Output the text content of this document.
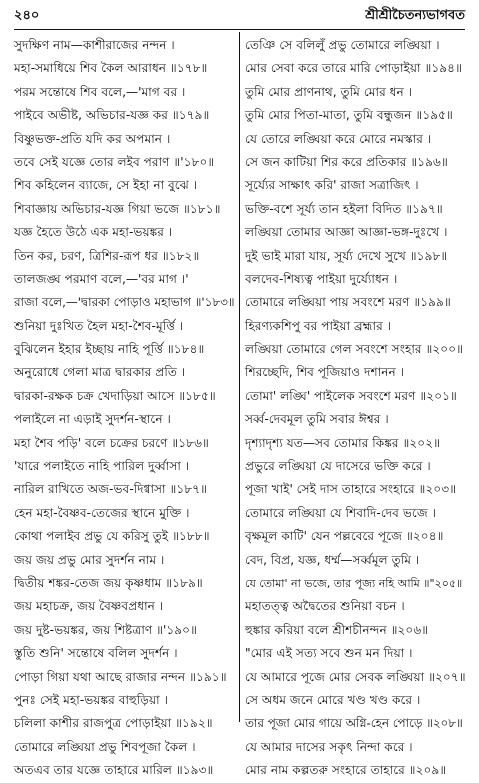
২৪০	শ্রীশ্রীচৈতন্যভাগবত
সুদক্ষিণ নাম—কাশীরাজের নন্দন ।
মহা-সমাধিয়ে শিব কৈল আরাধন ॥১৭৮॥
পরম সন্তোষে শিব বলে,—'মাগ বর ।
পাইবে অভীষ্ট, অভিচার-যজ্ঞ কর ॥১৭৯॥
বিষ্ণুভক্ত-প্রতি যদি কর অপমান ।
তবে সেই যজ্ঞে তোর লইব পরাণ ॥'১৮০॥
শিব কহিলেন ব্যাজে, সে ইহা না বুঝে ।
শিবাজ্ঞায় অভিচার-যজ্ঞ গিয়া ভজে ॥১৮১॥
যজ্ঞ হৈতে উঠে এক মহা-ভয়ঙ্কর ।
তিন কর, চরণ, ত্রিশির-রূপ ধর ॥১৮২॥
তালজঙ্ঘ পরমাণ বলে,—'বর মাগ ।'
রাজা বলে,—'দ্বারকা পোড়াও মহাভাগ ॥'১৮৩॥
শুনিয়া দুঃখিত হৈল মহা-শৈব-মূর্ত্তি ।
বুঝিলেন ইহার ইচ্ছায় নাহি পূর্ত্তি ॥১৮৪॥
অনুরোধে গেলা মাত্র দ্বারকার প্রতি ।
দ্বারকা-রক্ষক চক্র খেদাড়িয়া আসে ॥১৮৫॥
পলাইলে না এড়াই সুদর্শন-স্থানে ।
মহা শৈব পড়ি' বলে চক্রের চরণে ॥১৮৬॥
'যারে পলাইতে নাহি পারিল দুর্ব্বাসা ।
নারিল রাখিতে অজ-ভব-দিগ্বাসা ॥১৮৭॥
হেন মহা-বৈষ্ণব-তেজের স্থানে মুক্তি ।
কোথা পলাইব প্রভু যে করিসু তুই ॥১৮৮॥
জয় জয় প্রভু মোর সুদর্শন নাম ।
দ্বিতীয় শঙ্কর-তেজ জয় কৃষ্ণধাম ॥১৮৯॥
জয় মহাচক্র, জয় বৈষ্ণবপ্রধান ।
জয় দুষ্ট-ভয়ঙ্কর, জয় শিষ্টত্রাণ ॥'১৯০॥
স্তুতি শুনি' সন্তোষে বলিল সুদর্শন ।
পোড়া গিয়া যথা আছে রাজার নন্দন ॥১৯১॥
পুনঃ সেই মহা-ভয়ঙ্কর বাহুড়িয়া ।
চলিলা কাশীর রাজপুত্র পোড়াইয়া ॥১৯২॥
তোমারে লঙ্ঘিয়া প্রভু শিবপূজা কৈল ।
অতএব তার যজ্ঞে তাহারে মারিল ॥১৯৩॥
তেঞি সে বলিলুঁ প্রভু তোমারে লঙ্ঘিয়া ।
মোর সেবা করে তারে মারি পোড়াইয়া ॥১৯৪॥
তুমি মোর প্রাণনাথ, তুমি মোর ধন ।
তুমি মোর পিতা-মাতা, তুমি বন্ধুজন ॥১৯৫॥
যে তোরে লঙ্ঘিয়া করে মোরে নমস্কার ।
সে জন কাটিয়া শির করে প্রতিকার ॥১৯৬॥
সূর্য্যের সাক্ষাৎ করি' রাজা সত্রাজিৎ ।
ভক্তি-বশে সূর্য্য তান হইলা বিদিত ॥১৯৭॥
লঙ্ঘিয়া তোমার আজ্ঞা আজ্ঞা-ভঙ্গ-দুঃখে ।
দুই ভাই মারা যায়, সূর্য্য দেখে সুখে ॥১৯৮॥
বলদেব-শিষ্যত্ব পাইয়া দুর্য্যোধন ।
তোমারে লঙ্ঘিয়া পায় সবংশে মরণ ॥১৯৯॥
হিরণ্যকশিপু বর পাইয়া ব্রহ্মার ।
লঙ্ঘিয়া তোমারে গেল সবংশে সংহার ॥২০০॥
শিরচ্ছেদি, শিব পূজিয়াও দশানন ।
তোমা' লঙ্ঘি' পাইলেক সবংশে মরণ ॥২০১॥
সর্ব্ব-দেবমূল তুমি সবার ঈশ্বর ।
দৃশ্যাদৃশ্য যত—সব তোমার কিঙ্কর ॥২০২॥
প্রভুরে লঙ্ঘিয়া যে দাসেরে ভক্তি করে ।
পূজা খাই' সেই দাস তাহারে সংহারে ॥২০৩॥
তোমারে লঙ্ঘিয়া যে শিবাদি-দেব ভজে ।
বৃক্ষমূল কাটি' যেন পল্লবেরে পূজে ॥২০৪॥
বেদ, বিপ্র, যজ্ঞ, ধর্ম্ম—সর্ব্বমূল তুমি ।
যে তোমা' না ভজে, তার পূজ্য নহি আমি ॥"২০৫॥
মহাতত্ত্ব অদ্বৈতের শুনিয়া বচন ।
হুঙ্কার করিয়া বলে শ্রীশচীনন্দন ॥২০৬॥
"মোর এই সত্য সবে শুন মন দিয়া ।
যে আমারে পূজে মোর সেবক লঙ্ঘিয়া ॥২০৭॥
সে অধম জনে মোরে খণ্ড খণ্ড করে ।
তার পূজা মোর গায়ে অগ্নি-হেন পোড়ে ॥২০৮॥
যে আমার দাসের সকৃৎ নিন্দা করে ।
মোর নাম কল্পতরু সংহারে তাহারে ॥২০৯॥
